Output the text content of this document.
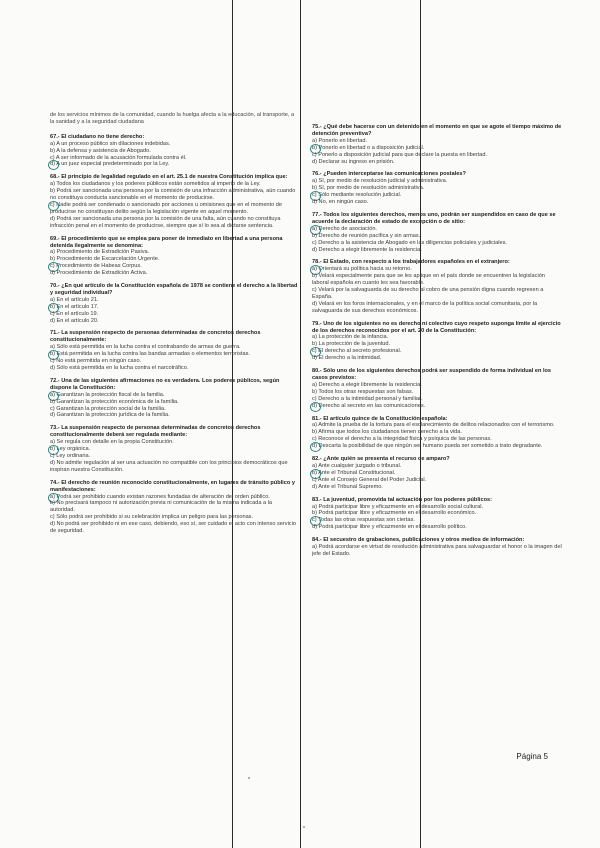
de los servicios mínimos de la comunidad, cuando la huelga afecta a la educación, al transporte, a la sanidad y a la seguridad ciudadana
67.- El ciudadano no tiene derecho:
a) A un proceso público sin dilaciones indebidas.
b) A la defensa y asistencia de Abogado.
c) A ser informado de la acusación formulada contra él.
d) A un juez especial predeterminado por la Ley.
68.- El principio de legalidad regulado en el art. 25.1 de nuestra Constitución implica que:
a) Todos los ciudadanos y los poderes públicos están sometidos al imperio de la Ley.
b) Podrá ser sancionada una persona por la comisión de una infracción administrativa, aún cuando no constituya conducta sancionable en el momento de producirse.
c) Nadie podrá ser condenado o sancionado por acciones u omisiones que en el momento de producirse no constituyan delito según la legislación vigente en aquel momento.
d) Podrá ser sancionada una persona por la comisión de una falta, aún cuando no constituya infracción penal en el momento de producirse, siempre que sí lo sea al dictarse sentencia.
69.- El procedimiento que se emplea para poner de inmediato en libertad a una persona detenida ilegalmente se denomina:
a) Procedimiento de Extradición Pasiva.
b) Procedimiento de Excarcelación Urgente.
c) Procedimiento de Habeas Corpus.
d) Procedimiento de Extradición Activa.
70.- ¿En qué artículo de la Constitución española de 1978 se contiene el derecho a la libertad y seguridad individual?
a) En el artículo 21.
b) En el artículo 17.
c) En el artículo 19.
d) En el artículo 20.
71.- La suspensión respecto de personas determinadas de concretos derechos constitucionalmente:
a) Sólo está permitida en la lucha contra el contrabando de armas de guerra.
b) Está permitida en la lucha contra las bandas armadas o elementos terroristas.
c) No está permitida en ningún caso.
d) Sólo está permitida en la lucha contra el narcotráfico.
72.- Una de las siguientes afirmaciones no es verdadera. Los poderes públicos, según dispone la Constitución:
a) Garantizan la protección fiscal de la familia.
b) Garantizan la protección económica de la familia.
c) Garantizan la protección social de la familia.
d) Garantizan la protección jurídica de la familia.
73.- La suspensión respecto de personas determinadas de concretos derechos constitucionalmente deberá ser regulada mediante:
a) Se regula con detalle en la propia Constitución.
b) Ley orgánica.
c) Ley ordinaria.
d) No admite regulación al ser una actuación no compatible con los principios democráticos que inspiran nuestra Constitución.
74.- El derecho de reunión reconocido constitucionalmente, en lugares de tránsito público y manifestaciones:
a) Podrá ser prohibido cuando existan razones fundadas de alteración del orden público.
b) No precisará tampoco ni autorización previa ni comunicación de la misma indicada a la autoridad.
c) Sólo podrá ser prohibido si su celebración implica un peligro para las personas.
d) No podrá ser prohibido ni en ese caso, debiendo, eso sí, ser cuidado el acto con intenso servicio de seguridad.
75.- ¿Qué debe hacerse con un detenido en el momento en que se agote el tiempo máximo de detención preventiva?
a) Ponerlo en libertad.
b) Ponerlo en libertad o a disposición judicial.
c) Ponerlo a disposición judicial para que declare la puesta en libertad.
d) Declarar su ingreso en prisión.
76.- ¿Pueden interceptarse las comunicaciones postales?
a) Sí, por medio de resolución judicial y administrativa.
b) Sí, por medio de resolución administrativa.
c) Sólo mediante resolución judicial.
d) No, en ningún caso.
77.- Todos los siguientes derechos, menos uno, podrán ser suspendidos en caso de que se acuerde la declaración de estado de excepción o de sitio:
a) Derecho de asociación.
b) Derecho de reunión pacífica y sin armas.
c) Derecho a la asistencia de Abogado en las diligencias policiales y judiciales.
d) Derecho a elegir libremente la residencia.
78.- El Estado, con respecto a los trabajadores españoles en el extranjero:
a) Orientará su política hacia su retorno.
b) Velará especialmente para que se les aplique en el país donde se encuentren la legislación laboral española en cuanto les sea favorable.
c) Velará por la salvaguarda de su derecho al cobro de una pensión digna cuando regresen a España.
d) Velará en los foros internacionales, y en el marco de la política social comunitaria, por la salvaguarda de sus derechos económicos.
79.- Uno de los siguientes no es derecho ni colectivo cuyo respeto suponga límite al ejercicio de los derechos reconocidos por el art. 20 de la Constitución:
a) La protección de la infancia.
b) La protección de la juventud.
c) El derecho al secreto profesional.
d) El derecho a la intimidad.
80.- Sólo uno de los siguientes derechos podrá ser suspendido de forma individual en los casos previstos:
a) Derecho a elegir libremente la residencia.
b) Todos los otras respuestas son falsas.
c) Derecho a la intimidad personal y familiar.
d) Derecho al secreto en las comunicaciones.
81.- El artículo quince de la Constitución española:
a) Admite la prueba de la tortura para el esclarecimiento de delitos relacionados con el terrorismo.
b) Afirma que todos los ciudadanos tienen derecho a la vida.
c) Reconoce el derecho a la integridad física y psíquica de las personas.
d) Descarta la posibilidad de que ningún ser humano pueda ser sometido a trato degradante.
82.- ¿Ante quién se presenta el recurso de amparo?
a) Ante cualquier juzgado o tribunal.
b) Ante el Tribunal Constitucional.
c) Ante el Consejo General del Poder Judicial.
d) Ante el Tribunal Supremo.
83.- La juventud, promovida tal actuación por los poderes públicos:
a) Podrá participar libre y eficazmente en el desarrollo social cultural.
b) Podrá participar libre y eficazmente en el desarrollo económico.
c) Todas las otras respuestas son ciertas.
d) Podrá participar libre y eficazmente en el desarrollo político.
84.- El secuestro de grabaciones, publicaciones y otros medios de información:
a) Podrá acordarse en virtud de resolución administrativa para salvaguardar el honor o la imagen del jefe del Estado.
Página 5
